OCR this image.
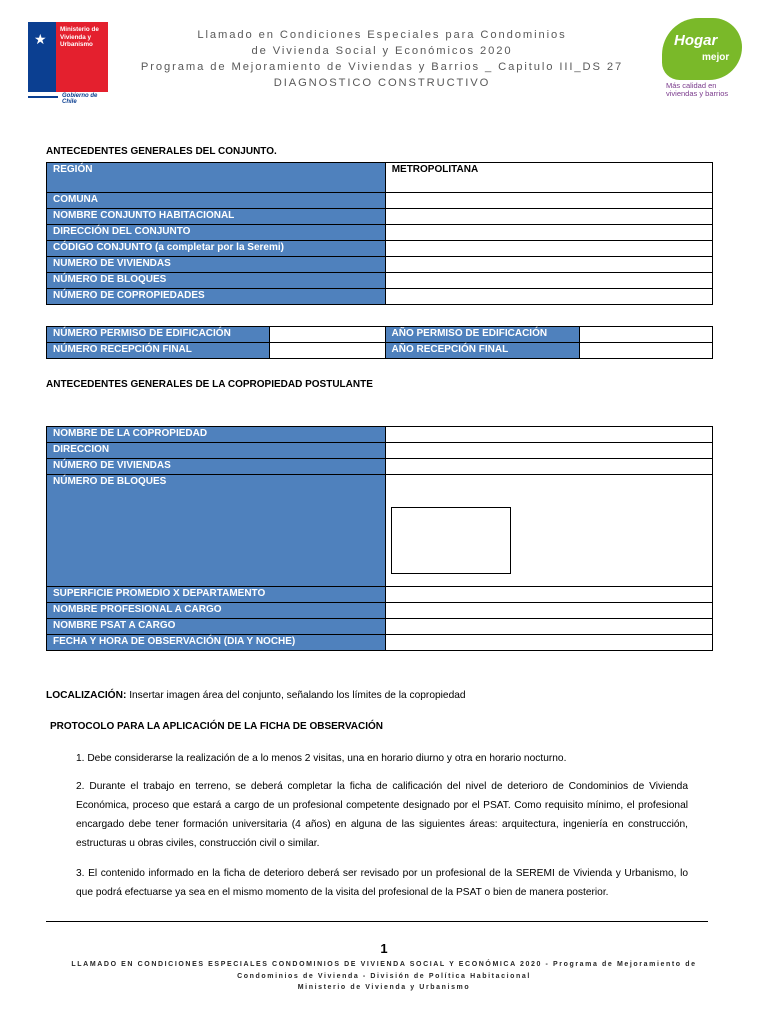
★
Ministerio de
Vivienda y
Urbanismo
Gobierno de Chile
Llamado en Condiciones Especiales para Condominios
de Vivienda Social y Económicos 2020
Programa de Mejoramiento de Viviendas y Barrios _ Capitulo III_DS 27
DIAGNOSTICO CONSTRUCTIVO
Hogar
mejor
Más calidad en
viviendas y barrios
ANTECEDENTES GENERALES DEL CONJUNTO.
REGIÓN	METROPOLITANA
COMUNA	
NOMBRE CONJUNTO HABITACIONAL	
DIRECCIÓN DEL CONJUNTO	
CÓDIGO CONJUNTO (a completar por la Seremi)	
NUMERO DE VIVIENDAS	
NÚMERO DE BLOQUES	
NÚMERO DE COPROPIEDADES	
NÚMERO PERMISO DE EDIFICACIÓN		AÑO PERMISO DE EDIFICACIÓN	
NÚMERO RECEPCIÓN FINAL		AÑO RECEPCIÓN FINAL	
ANTECEDENTES GENERALES DE LA COPROPIEDAD POSTULANTE
NOMBRE DE LA COPROPIEDAD	
DIRECCION	
NÚMERO DE VIVIENDAS	
NÚMERO DE BLOQUES	

SUPERFICIE PROMEDIO X DEPARTAMENTO	
NOMBRE PROFESIONAL A CARGO	
NOMBRE PSAT A CARGO	
FECHA Y HORA DE OBSERVACIÓN (DIA Y NOCHE)	
LOCALIZACIÓN: Insertar imagen área del conjunto, señalando los límites de la copropiedad
PROTOCOLO PARA LA APLICACIÓN DE LA FICHA DE OBSERVACIÓN
1. Debe considerarse la realización de a lo menos 2 visitas, una en horario diurno y otra en horario nocturno.
2. Durante el trabajo en terreno, se deberá completar la ficha de calificación del nivel de deterioro de Condominios de Vivienda Económica, proceso que estará a cargo de un profesional competente designado por el PSAT. Como requisito mínimo, el profesional encargado debe tener formación universitaria (4 años) en alguna de las siguientes áreas: arquitectura, ingeniería en construcción, estructuras u obras civiles, construcción civil o similar.
3. El contenido informado en la ficha de deterioro deberá ser revisado por un profesional de la SEREMI de Vivienda y Urbanismo, lo que podrá efectuarse ya sea en el mismo momento de la visita del profesional de la PSAT o bien de manera posterior.
1
LLAMADO EN CONDICIONES ESPECIALES CONDOMINIOS DE VIVIENDA SOCIAL Y ECONÓMICA 2020 - Programa de Mejoramiento de
Condominios de Vivienda - División de Política Habitacional
Ministerio de Vivienda y Urbanismo
